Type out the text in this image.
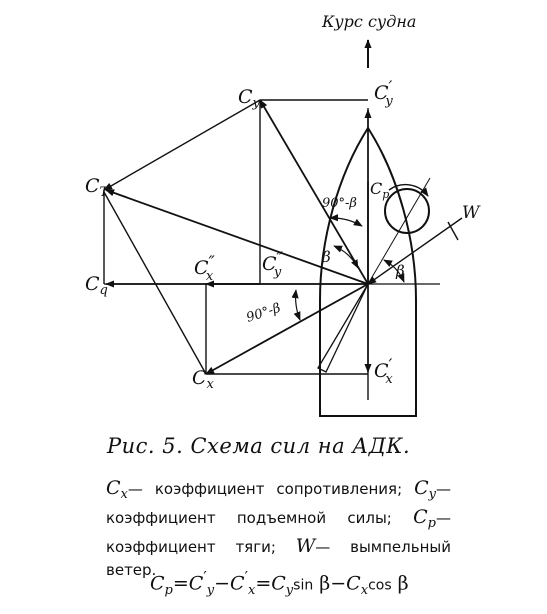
Курс судна
$C_y$	C′ y
$C_T$
$C_q$
C″ x
C″ y
$C_x$
C′ x
$C_p$
W
90°-β
β
β
90°-β
Рис. 5. Схема сил на АДК.
$C_x—$ коэффициент сопротивления; $C_y—$ коэффициент подъемной силы; $C_p—$ коэффициент тяги; W— вымпельный ветер.
$C_p=C'_y-C'_x=C_y\sin$ $\beta-C_x\cos$ β
